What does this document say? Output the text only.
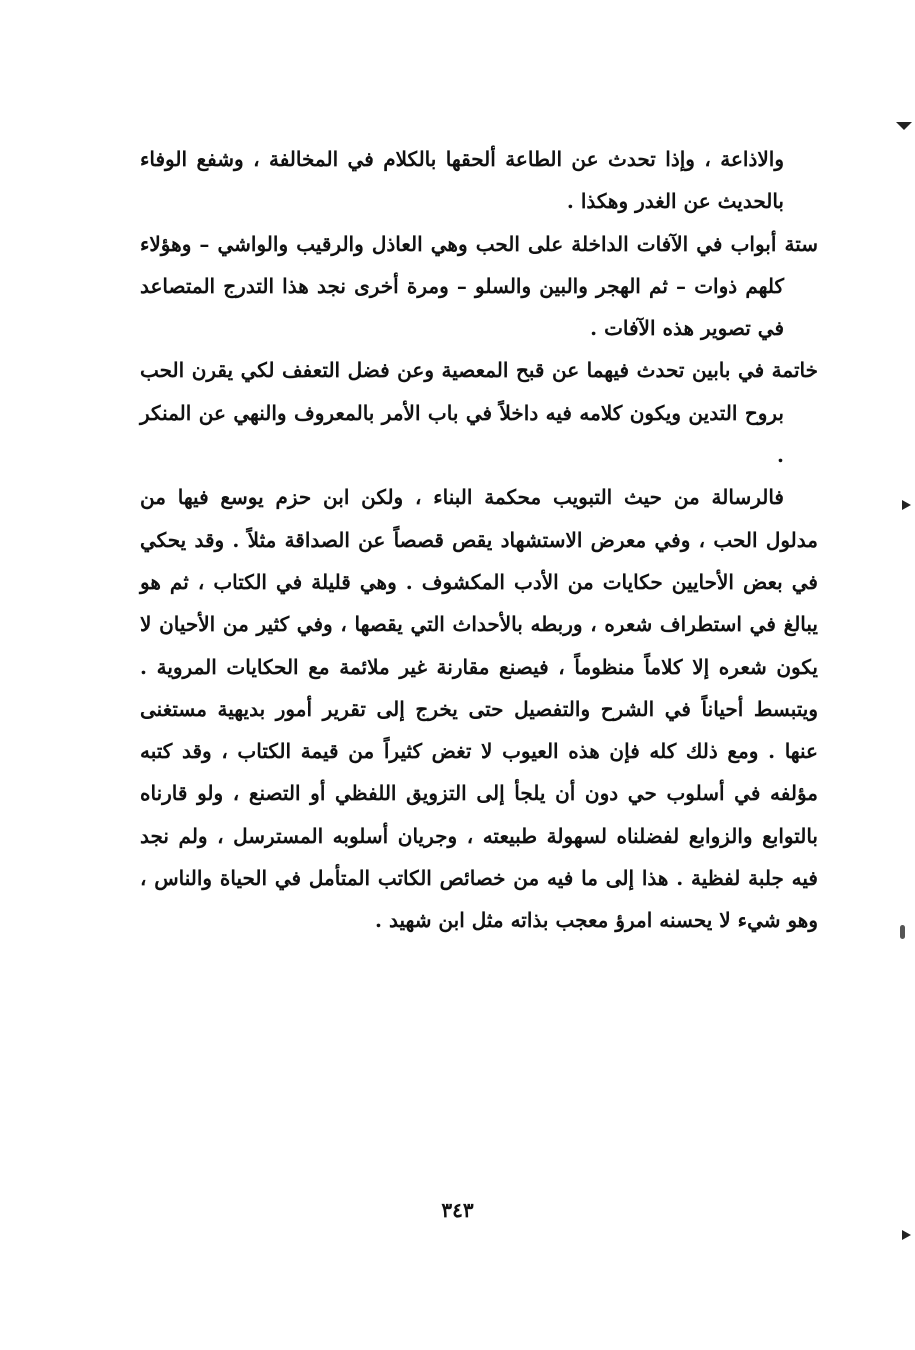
والاذاعة ، وإذا تحدث عن الطاعة ألحقها بالكلام في المخالفة ، وشفع الوفاء بالحديث عن الغدر وهكذا .

ستة أبواب في الآفات الداخلة على الحب وهي العاذل والرقيب والواشي – وهؤلاء كلهم ذوات – ثم الهجر والبين والسلو – ومرة أخرى نجد هذا التدرج المتصاعد في تصوير هذه الآفات .

خاتمة في بابين تحدث فيهما عن قبح المعصية وعن فضل التعفف لكي يقرن الحب بروح التدين ويكون كلامه فيه داخلاً في باب الأمر بالمعروف والنهي عن المنكر .

فالرسالة من حيث التبويب محكمة البناء ، ولكن ابن حزم يوسع فيها من مدلول الحب ، وفي معرض الاستشهاد يقص قصصاً عن الصداقة مثلاً . وقد يحكي في بعض الأحايين حكايات من الأدب المكشوف . وهي قليلة في الكتاب ، ثم هو يبالغ في استطراف شعره ، وربطه بالأحداث التي يقصها ، وفي كثير من الأحيان لا يكون شعره إلا كلاماً منظوماً ، فيصنع مقارنة غير ملائمة مع الحكايات المروية . ويتبسط أحياناً في الشرح والتفصيل حتى يخرج إلى تقرير أمور بديهية مستغنى عنها . ومع ذلك كله فإن هذه العيوب لا تغض كثيراً من قيمة الكتاب ، وقد كتبه مؤلفه في أسلوب حي دون أن يلجأ إلى التزويق اللفظي أو التصنع ، ولو قارناه بالتوابع والزوابع لفضلناه لسهولة طبيعته ، وجريان أسلوبه المسترسل ، ولم نجد فيه جلبة لفظية . هذا إلى ما فيه من خصائص الكاتب المتأمل في الحياة والناس ، وهو شيء لا يحسنه امرؤ معجب بذاته مثل ابن شهيد .

٣٤٣
